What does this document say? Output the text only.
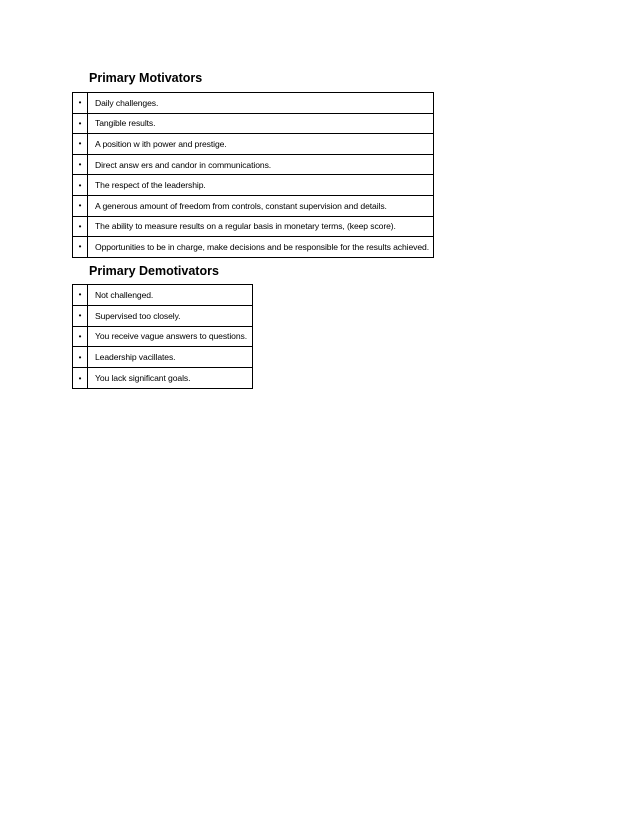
Primary Motivators
•	Daily challenges.
•	Tangible results.
•	A position w ith power and prestige.
•	Direct answ ers and candor in communications.
•	The respect of the leadership.
•	A generous amount of freedom from controls, constant supervision and details.
•	The ability to measure results on a regular basis in monetary terms, (keep score).
•	Opportunities to be in charge, make decisions and be responsible for the results achieved.
Primary Demotivators
•	Not challenged.
•	Supervised too closely.
•	You receive vague answers to questions.
•	Leadership vacillates.
•	You lack significant goals.
